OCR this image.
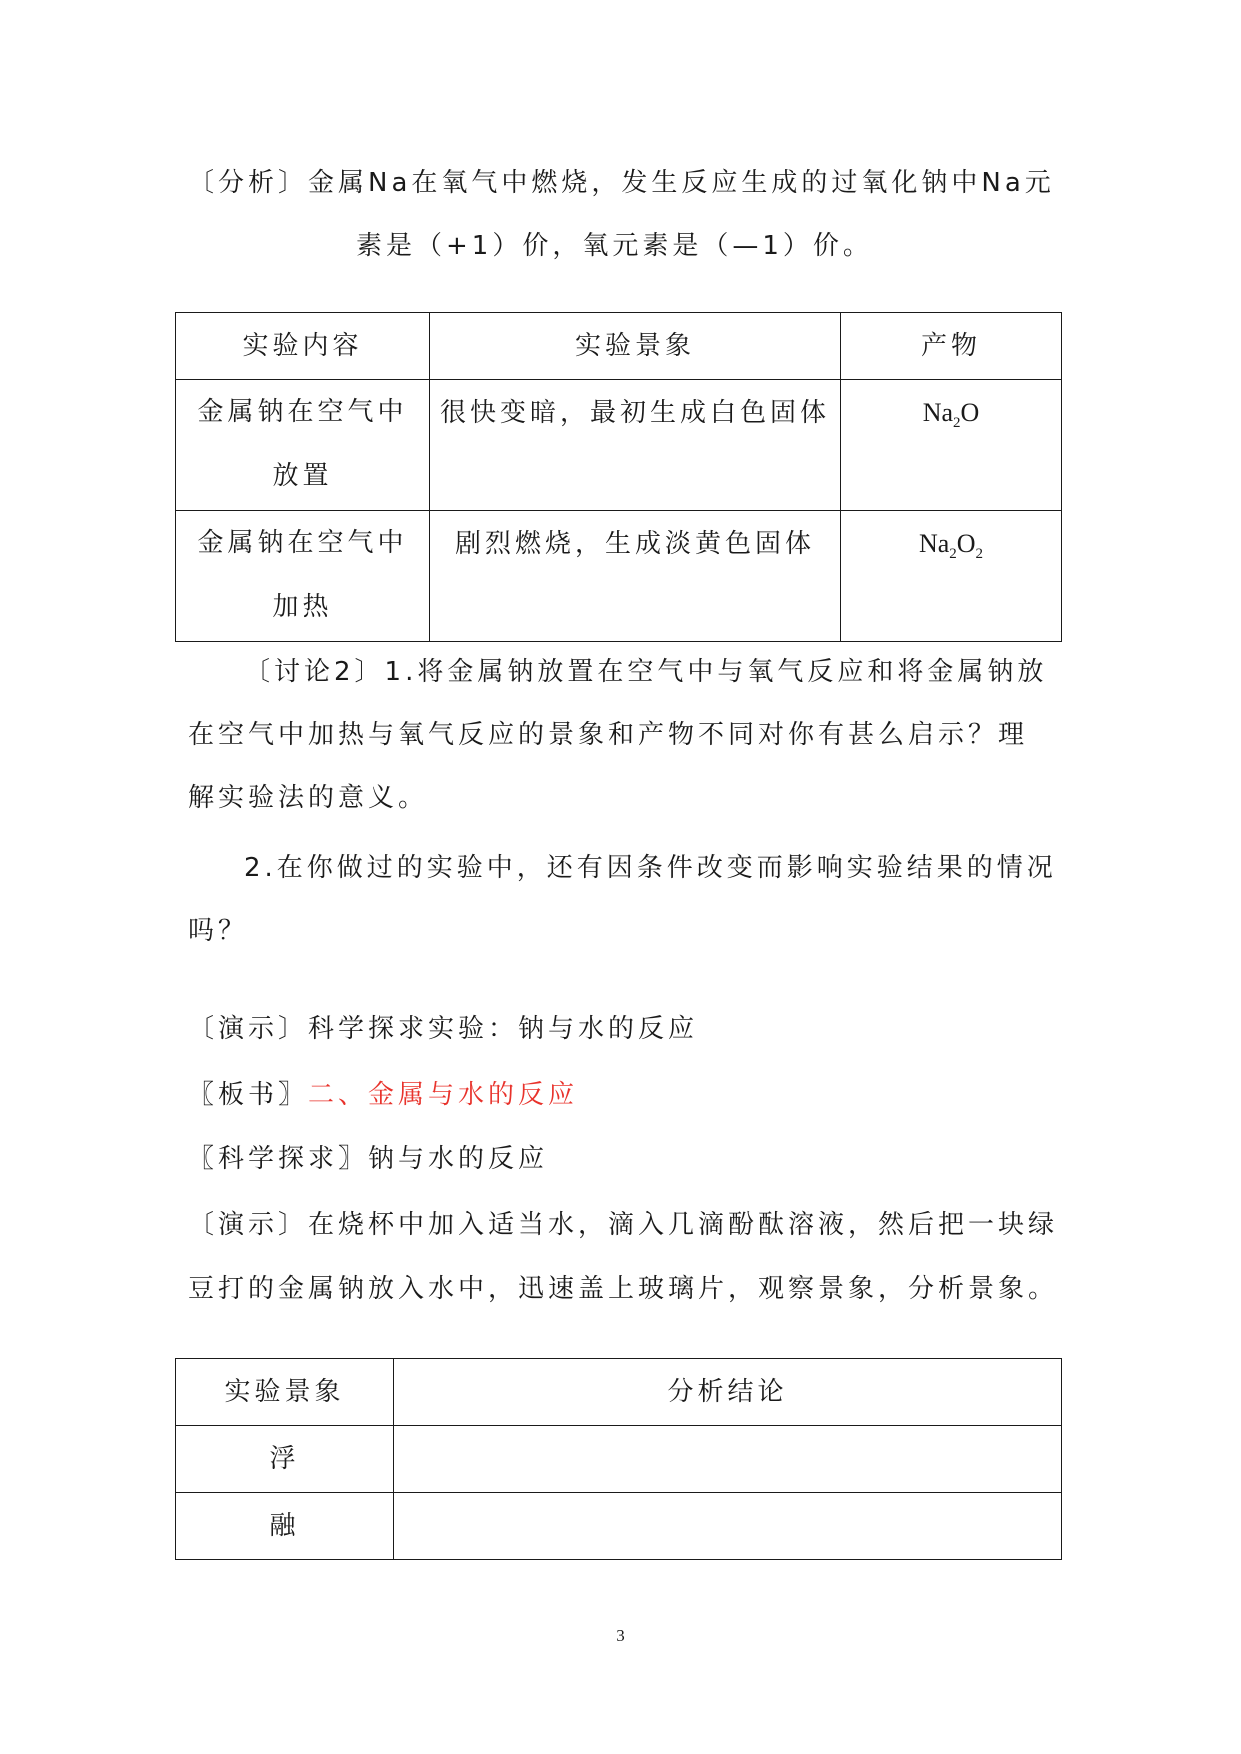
〔分析〕金属Na在氧气中燃烧，发生反应生成的过氧化钠中Na元
素是（+1）价，氧元素是（—1）价。
实验内容	实验景象	产物

金属钠在空气中
放置	很快变暗，最初生成白色固体	$Na_2O$

金属钠在空气中
加热	剧烈燃烧，生成淡黄色固体	$Na_2O_2$
〔讨论2〕1.将金属钠放置在空气中与氧气反应和将金属钠放
在空气中加热与氧气反应的景象和产物不同对你有甚么启示？理
解实验法的意义。
2.在你做过的实验中，还有因条件改变而影响实验结果的情况
吗？
〔演示〕科学探求实验：钠与水的反应
〖板书〗二、金属与水的反应
〖科学探求〗钠与水的反应
〔演示〕在烧杯中加入适当水，滴入几滴酚酞溶液，然后把一块绿
豆打的金属钠放入水中，迅速盖上玻璃片，观察景象，分析景象。
实验景象	分析结论

浮	

融	

3
